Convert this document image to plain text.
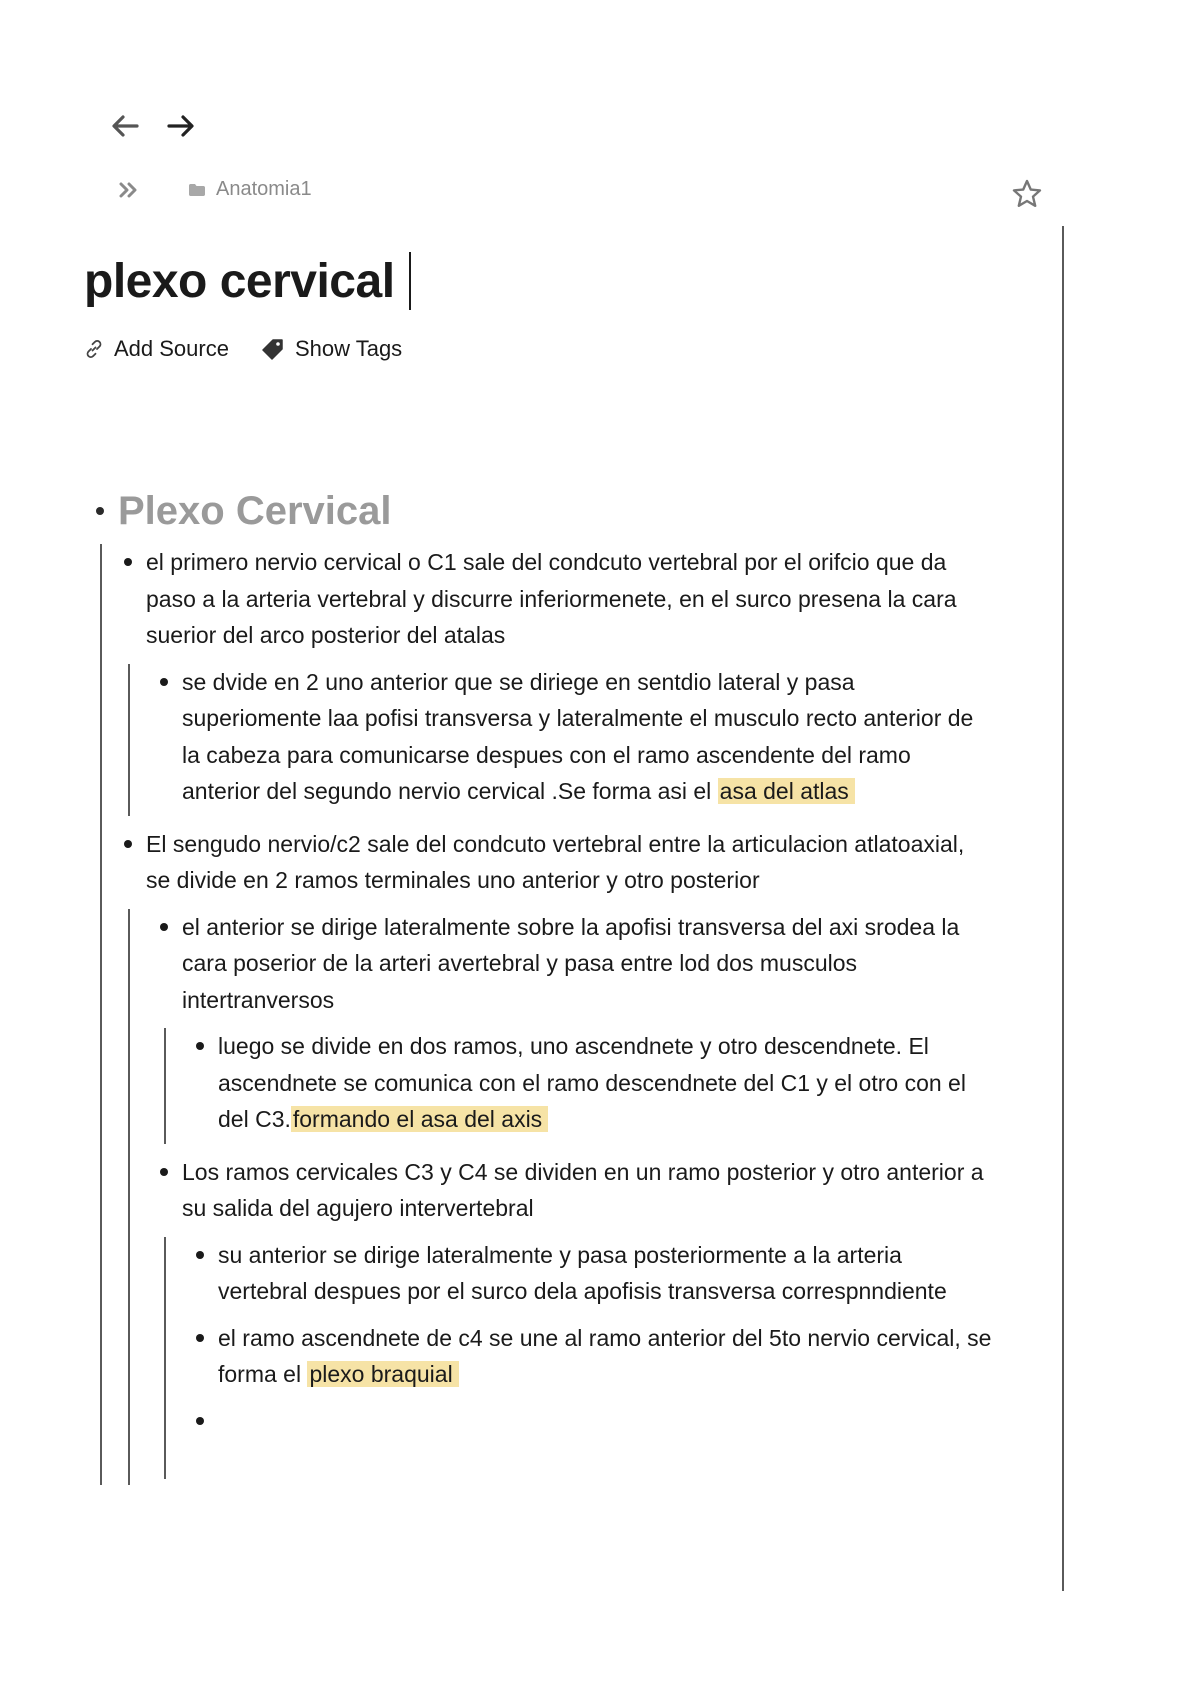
Anatomia1
plexo cervical
Add Source	Show Tags
Plexo Cervical
el primero nervio cervical o C1 sale del condcuto vertebral por el orifcio que da paso a la arteria vertebral y discurre inferiormenete, en el surco presena la cara suerior del arco posterior del atalas
se dvide en 2 uno anterior que se diriege en sentdio lateral y pasa superiomente laa pofisi transversa y lateralmente el musculo recto anterior de la cabeza para comunicarse despues con el ramo ascendente del ramo anterior del segundo nervio cervical .Se forma asi el asa del atlas
El sengudo nervio/c2 sale del condcuto vertebral entre la articulacion atlatoaxial, se divide en 2 ramos terminales uno anterior y otro posterior
el anterior se dirige lateralmente sobre la apofisi transversa del axi srodea la cara poserior de la arteri avertebral y pasa entre lod dos musculos intertranversos
luego se divide en dos ramos, uno ascendnete y otro descendnete. El ascendnete se comunica con el ramo descendnete del C1 y el otro con el del C3.formando el asa del axis
Los ramos cervicales C3 y C4 se dividen en un ramo posterior y otro anterior a su salida del agujero intervertebral
su anterior se dirige lateralmente y pasa posteriormente a la arteria vertebral despues por el surco dela apofisis transversa correspnndiente
el ramo ascendnete de c4 se une al ramo anterior del 5to nervio cervical, se forma el plexo braquial
